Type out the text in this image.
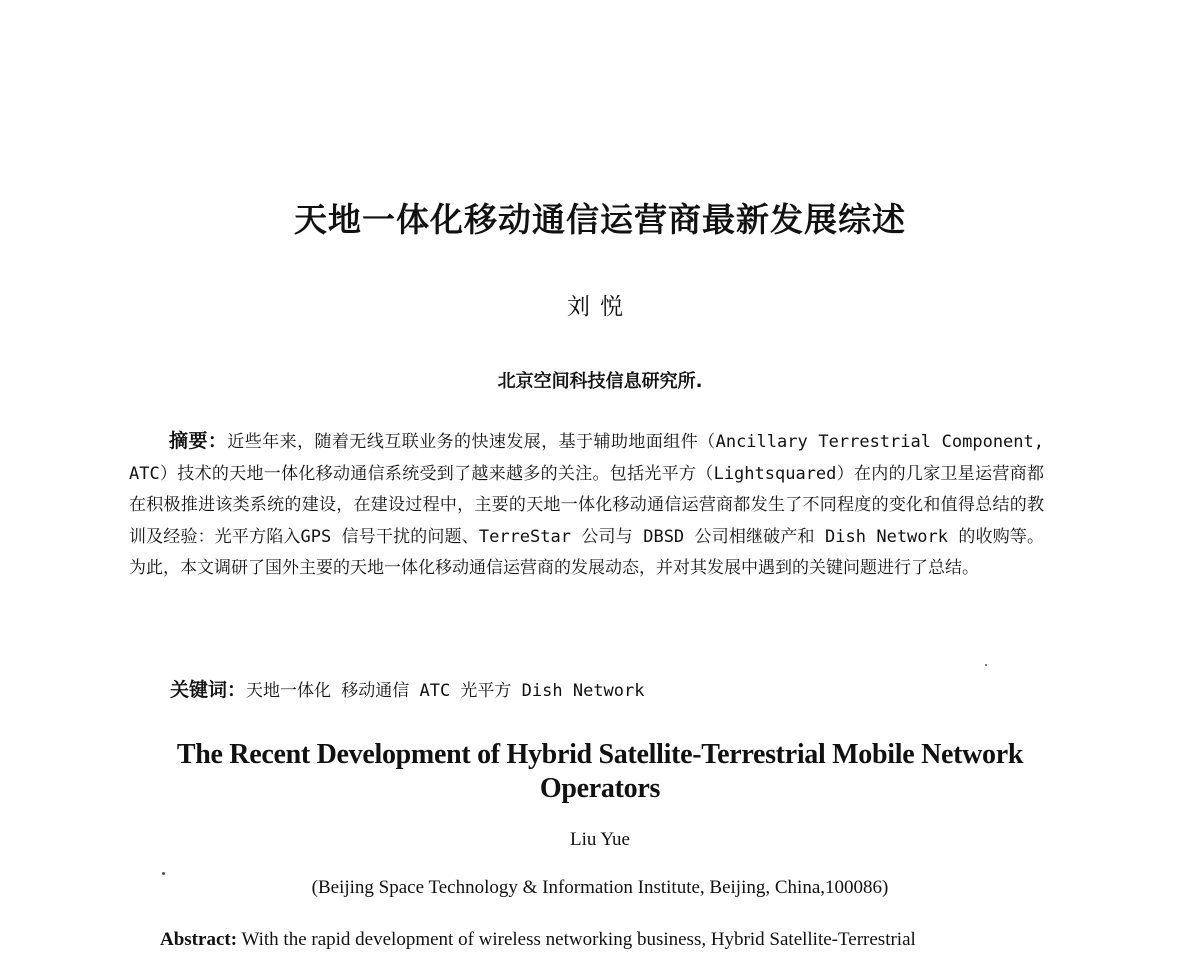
天地一体化移动通信运营商最新发展综述
刘悦
北京空间科技信息研究所.
摘要：近些年来，随着无线互联业务的快速发展，基于辅助地面组件（Ancillary Terrestrial Component, ATC）技术的天地一体化移动通信系统受到了越来越多的关注。包括光平方（Lightsquared）在内的几家卫星运营商都在积极推进该类系统的建设，在建设过程中，主要的天地一体化移动通信运营商都发生了不同程度的变化和值得总结的教训及经验：光平方陷入GPS 信号干扰的问题、TerreStar 公司与 DBSD 公司相继破产和 Dish Network 的收购等。为此，本文调研了国外主要的天地一体化移动通信运营商的发展动态，并对其发展中遇到的关键问题进行了总结。
关键词：天地一体化 移动通信 ATC 光平方 Dish Network
The Recent Development of Hybrid Satellite-Terrestrial Mobile Network Operators
Liu Yue
(Beijing Space Technology & Information Institute, Beijing, China,100086)
Abstract: With the rapid development of wireless networking business, Hybrid Satellite-Terrestrial
